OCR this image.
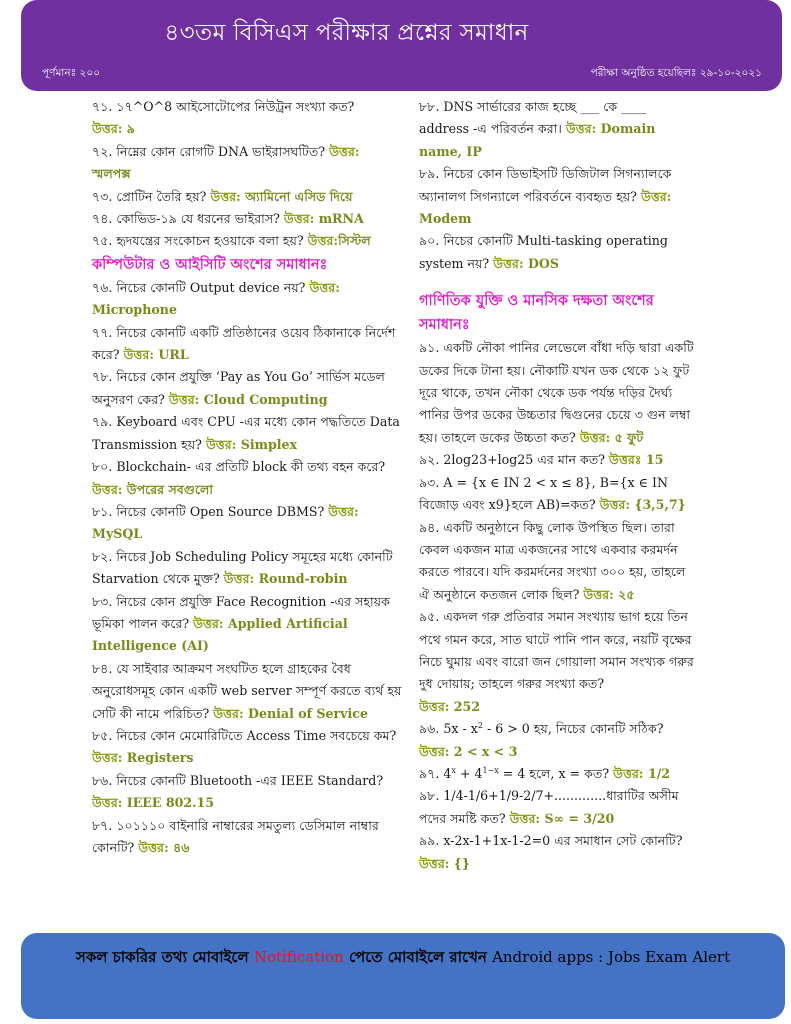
৪৩তম বিসিএস পরীক্ষার প্রশ্নের সমাধান
পূর্ণমানঃ ২০০	পরীক্ষা অনুষ্ঠিত হয়েছিলঃ ২৯-১০-২০২১

৭১. ১৭^O^8 আইসোটোপের নিউট্রন সংখ্যা কত?
উত্তর: ৯

৭২. নিম্নের কোন রোগটি DNA ভাইরাসঘটিত? উত্তর:
স্মলপক্স

৭৩. প্রোটিন তৈরি হয়? উত্তর: অ্যামিনো এসিড দিয়ে

৭৪. কোভিড-১৯ যে ধরনের ভাইরাস? উত্তর: mRNA

৭৫. হৃদযন্ত্রের সংকোচন হওয়াকে বলা হয়? উত্তর:সিস্টল

কম্পিউটার ও আইসিটি অংশের সমাধানঃ

৭৬. নিচের কোনটি Output device নয়? উত্তর:
Microphone

৭৭. নিচের কোনটি একটি প্রতিষ্ঠানের ওয়েব ঠিকানাকে নির্দেশ করে? উত্তর: URL

৭৮. নিচের কোন প্রযুক্তি ‘Pay as You Go’ সার্ভিস মডেল অনুসরণ কের? উত্তর: Cloud Computing

৭৯. Keyboard এবং CPU -এর মধ্যে কোন পদ্ধতিতে Data Transmission হয়? উত্তর: Simplex

৮০. Blockchain- এর প্রতিটি block কী তথ্য বহন করে? উত্তর: উপরের সবগুলো

৮১. নিচের কোনটি Open Source DBMS? উত্তর:
MySQL

৮২. নিচের Job Scheduling Policy সমূহের মধ্যে কোনটি Starvation থেকে মুক্ত? উত্তর: Round-robin

৮৩. নিচের কোন প্রযুক্তি Face Recognition -এর সহায়ক ভূমিকা পালন করে? উত্তর: Applied Artificial Intelligence (AI)

৮৪. যে সাইবার আক্রমণ সংঘটিত হলে গ্রাহকের বৈধ অনুরোধসমূহ কোন একটি web server সম্পূর্ণ করতে ব্যর্থ হয় সেটি কী নামে পরিচিত? উত্তর: Denial of Service

৮৫. নিচের কোন মেমোরিটিতে Access Time সবচেয়ে কম? উত্তর: Registers

৮৬. নিচের কোনটি Bluetooth -এর IEEE Standard?
উত্তর: IEEE 802.15

৮৭. ১০১১১০ বাইনারি নাম্বারের সমতুল্য ডেসিমাল নাম্বার কোনটি? উত্তর: ৪৬

৮৮. DNS সার্ভারের কাজ হচ্ছে ___ কে ____ address -এ পরিবর্তন করা। উত্তর: Domain name, IP

৮৯. নিচের কোন ডিভাইসটি ডিজিটাল সিগন্যালকে অ্যানালগ সিগন্যালে পরিবর্তনে ব্যবহৃত হয়? উত্তর:
Modem

৯০. নিচের কোনটি Multi-tasking operating system নয়? উত্তর: DOS

গাণিতিক যুক্তি ও মানসিক দক্ষতা অংশের সমাধানঃ

৯১. একটি নৌকা পানির লেভেলে বাঁধা দড়ি দ্বারা একটি ডকের দিকে টানা হয়। নৌকাটি যখন ডক থেকে ১২ ফুট দূরে থাকে, তখন নৌকা থেকে ডক পর্যন্ত দড়ির দৈর্ঘ্য পানির উপর ডকের উচ্চতার দ্বিগুনের চেয়ে ৩ গুন লম্বা হয়। তাহলে ডকের উচ্চতা কত? উত্তর: ৫ ফুট

৯২. 2log23+log25 এর মান কত? উত্তরঃ 15

৯৩. A = {x ∈ IN 2 < x ≤ 8}, B={x ∈ IN বিজোড় এবং x9}হলে AB)=কত? উত্তর: {3,5,7}

৯৪. একটি অনুষ্ঠানে কিছু লোক উপস্থিত ছিল। তারা কেবল একজন মাত্র একজনের সাথে একবার করমর্দন করতে পারবে। যদি করমর্দনের সংখ্যা ৩০০ হয়, তাহলে ঐ অনুষ্ঠানে কতজন লোক ছিল? উত্তর: ২৫

৯৫. একদল গরু প্রতিবার সমান সংখ্যায় ভাগ হয়ে তিন পথে গমন করে, সাত ঘাটে পানি পান করে, নয়টি বৃক্ষের নিচে ঘুমায় এবং বারো জন গোয়ালা সমান সংখ্যক গরুর দুধ দোয়ায়; তাহলে গরুর সংখ্যা কত?
উত্তর: 252

৯৬. $5x - x^2 - 6 > 0$ হয়, নিচের কোনটি সঠিক?
উত্তর: 2 < x < 3

৯৭. $4^x + 4^{1-x} = 4$ হলে, x = কত? উত্তর: 1/2

৯৮. 1/4-1/6+1/9-2/7+.............ধারাটির অসীম পদের সমষ্টি কত? উত্তর: S∞ = 3/20

৯৯. x-2x-1+1x-1-2=0 এর সমাধান সেট কোনটি?
উত্তর: {}

সকল চাকরির তথ্য মোবাইলে Notification পেতে মোবাইলে রাখেন Android apps : Jobs Exam Alert
